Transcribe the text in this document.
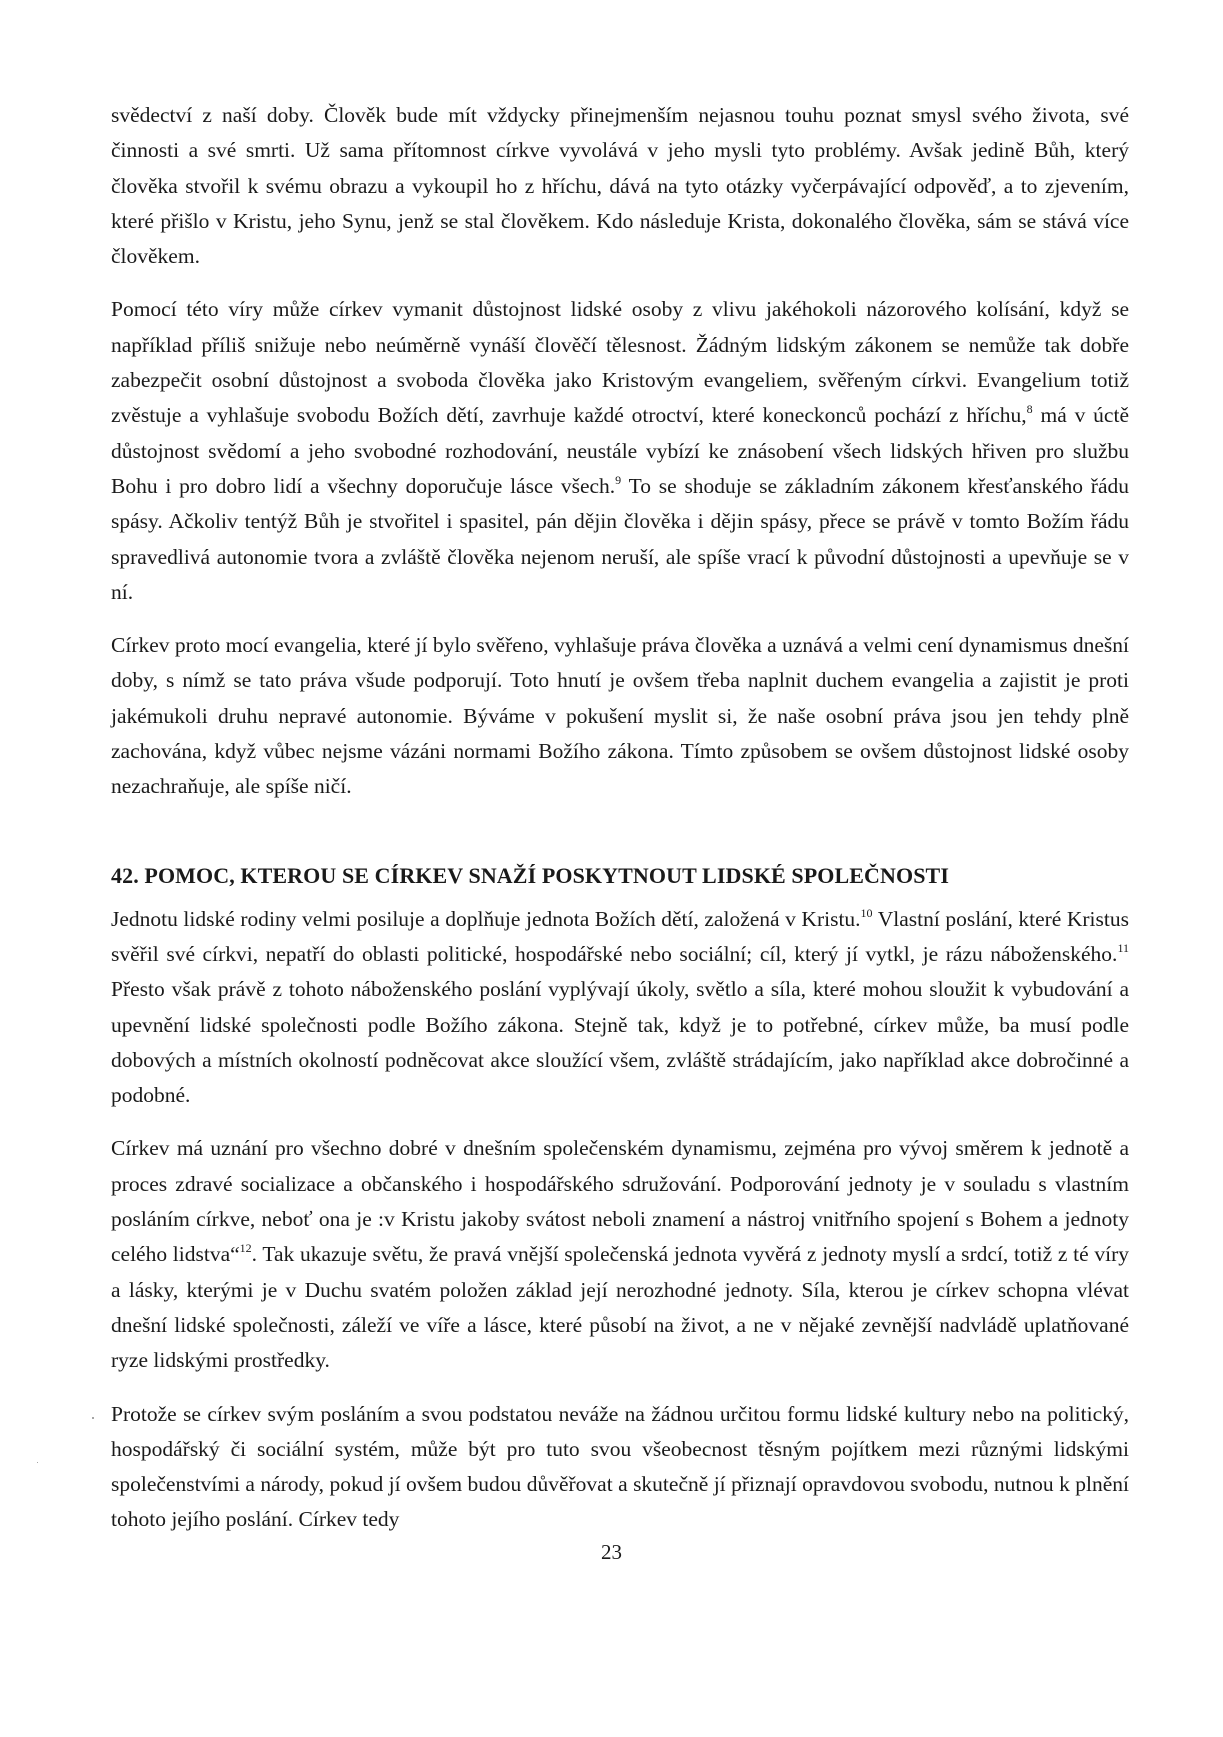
svědectví z naší doby. Člověk bude mít vždycky přinejmenším nejasnou touhu poznat smysl svého života, své činnosti a své smrti. Už sama přítomnost církve vyvolává v jeho mysli tyto problémy. Avšak jedině Bůh, který člověka stvořil k svému obrazu a vykoupil ho z hříchu, dává na tyto otázky vyčerpávající odpověď, a to zjevením, které přišlo v Kristu, jeho Synu, jenž se stal člověkem. Kdo následuje Krista, dokonalého člověka, sám se stává více člověkem.

Pomocí této víry může církev vymanit důstojnost lidské osoby z vlivu jakéhokoli názorového kolísání, když se například příliš snižuje nebo neúměrně vynáší člověčí tělesnost. Žádným lidským zákonem se nemůže tak dobře zabezpečit osobní důstojnost a svoboda člověka jako Kristovým evangeliem, svěřeným církvi. Evangelium totiž zvěstuje a vyhlašuje svobodu Božích dětí, zavrhuje každé otroctví, které koneckonců pochází z hříchu,$^8$ má v úctě důstojnost svědomí a jeho svobodné rozhodování, neustále vybízí ke znásobení všech lidských hřiven pro službu Bohu i pro dobro lidí a všechny doporučuje lásce všech.$^9$ To se shoduje se základním zákonem křesťanského řádu spásy. Ačkoliv tentýž Bůh je stvořitel i spasitel, pán dějin člověka i dějin spásy, přece se právě v tomto Božím řádu spravedlivá autonomie tvora a zvláště člověka nejenom neruší, ale spíše vrací k původní důstojnosti a upevňuje se v ní.

Církev proto mocí evangelia, které jí bylo svěřeno, vyhlašuje práva člověka a uznává a velmi cení dynamismus dnešní doby, s nímž se tato práva všude podporují. Toto hnutí je ovšem třeba naplnit duchem evangelia a zajistit je proti jakémukoli druhu nepravé autonomie. Býváme v pokušení myslit si, že naše osobní práva jsou jen tehdy plně zachována, když vůbec nejsme vázáni normami Božího zákona. Tímto způsobem se ovšem důstojnost lidské osoby nezachraňuje, ale spíše ničí.

42. POMOC, KTEROU SE CÍRKEV SNAŽÍ POSKYTNOUT LIDSKÉ SPOLEČNOSTI

Jednotu lidské rodiny velmi posiluje a doplňuje jednota Božích dětí, založená v Kristu.$^{10}$ Vlastní poslání, které Kristus svěřil své církvi, nepatří do oblasti politické, hospodářské nebo sociální; cíl, který jí vytkl, je rázu náboženského.$^{11}$ Přesto však právě z tohoto náboženského poslání vyplývají úkoly, světlo a síla, které mohou sloužit k vybudování a upevnění lidské společnosti podle Božího zákona. Stejně tak, když je to potřebné, církev může, ba musí podle dobových a místních okolností podněcovat akce sloužící všem, zvláště strádajícím, jako například akce dobročinné a podobné.

Církev má uznání pro všechno dobré v dnešním společenském dynamismu, zejména pro vývoj směrem k jednotě a proces zdravé socializace a občanského i hospodářského sdružování. Podporování jednoty je v souladu s vlastním posláním církve, neboť ona je :v Kristu jakoby svátost neboli znamení a nástroj vnitřního spojení s Bohem a jednoty celého lidstva“$^{12}$. Tak ukazuje světu, že pravá vnější společenská jednota vyvěrá z jednoty myslí a srdcí, totiž z té víry a lásky, kterými je v Duchu svatém položen základ její nerozhodné jednoty. Síla, kterou je církev schopna vlévat dnešní lidské společnosti, záleží ve víře a lásce, které působí na život, a ne v nějaké zevnější nadvládě uplatňované ryze lidskými prostředky.

Protože se církev svým posláním a svou podstatou neváže na žádnou určitou formu lidské kultury nebo na politický, hospodářský či sociální systém, může být pro tuto svou všeobecnost těsným pojítkem mezi různými lidskými společenstvími a národy, pokud jí ovšem budou důvěřovat a skutečně jí přiznají opravdovou svobodu, nutnou k plnění tohoto jejího poslání. Církev tedy

23
